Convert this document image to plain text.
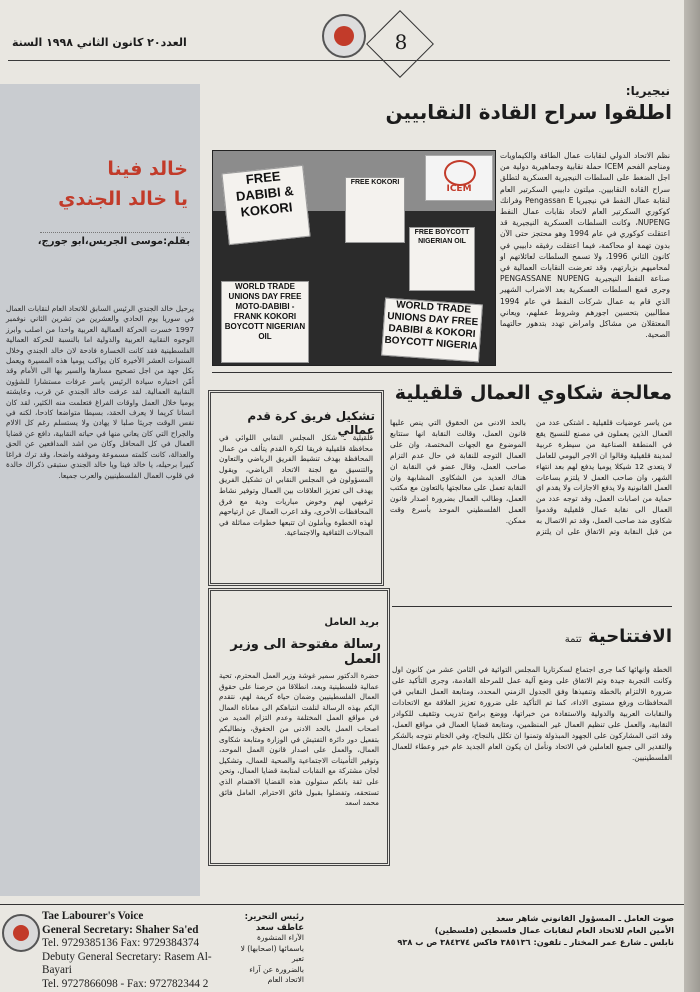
العدد٢٠ كانون الثاني ١٩٩٨ السنة	8
خالد فينا
يا خالد الجندي
بقلم:موسى الجريس،ابو جورج،
يرحيل خالد الجندي الرئيس السابق للاتحاد العام لنقابات العمال في سوريا يوم الحادي والعشرين من تشرين الثاني نوفمبر 1997 خسرت الحركة العمالية العربية واحدا من اصلب وابرز الوجوه النقابية العربية والدولية اما بالنسبة للحركة العمالية الفلسطينية فقد كانت الخسارة فادحة لان خالد الجندي وخلال السنوات العشر الأخيرة كان يواكب يوميا هذه المسيرة ويعمل بكل جهد من اجل تصحيح مسارها والسير بها الى الأمام وقد أمّن اختياره سيادة الرئيس ياسر عرفات مستشارا للشؤون النقابية العمالية. لقد عرفت خالد الجندي عن قرب، وعايشته يوميا خلال العمل واوقات الفراغ فتعلمت منه الكثير، لقد كان انسانا كريما لا يعرف الحقد، بسيطا متواضعا كادحا، لكنه في نفس الوقت جريئا صلبا لا يهادن ولا يستسلم رغم كل الالام والجراح التي كان يعاني منها في حياته النقابية، دافع عن قضايا العمال في كل المحافل وكان من اشد المدافعين عن الحق والعدالة، كانت كلمته مسموعة وموقفه واضحا، وقد ترك فراغا كبيرا برحيله، يا خالد فينا ويا خالد الجندي ستبقى ذكراك خالدة في قلوب العمال الفلسطينيين والعرب جميعا.
نيجيريا:
اطلقوا سراح القادة النقابيين
ICEM
FREE DABIBI & KOKORI
FREE KOKORI
FREE BOYCOTT NIGERIAN OIL
WORLD TRADE UNIONS DAY FREE MOTO-DABIBI - FRANK KOKORI BOYCOTT NIGERIAN OIL
WORLD TRADE UNIONS DAY FREE DABIBI & KOKORI BOYCOTT NIGERIA
نظم الاتحاد الدولي لنقابات عمال الطاقة والكيماويات ومناجم الفحم ICEM حملة نقابية وجماهيرية دولية من اجل الضغط على السلطات النيجيرية العسكرية لتطلق سراح القادة النقابيين. ميلتون دابيبي السكرتير العام لنقابة عمال النفط في نيجيريا Pengassan E وفرانك كوكوري السكرتير العام لاتحاد نقابات عمال النفط NUPENG، وكانت السلطات العسكرية النيجيرية قد اعتقلت كوكوري في عام 1994 وهو محتجز حتى الآن بدون تهمة او محاكمة، فيما اعتقلت رفيقه دابيبي في كانون الثاني 1996، ولا تسمح السلطات لعائلاتهم او لمحاميهم بزيارتهم، وقد تعرضت النقابات العمالية في صناعة النفط النيجيرية PENGASSANE NUPENG وجرى قمع السلطات العسكرية بعد الاضراب الشهير الذي قام به عمال شركات النفط في عام 1994 مطالبين بتحسين اجورهم وشروط عملهم، ويعاني المعتقلان من مشاكل وامراض تهدد بتدهور حالتهما الصحية.
معالجة شكاوي العمال قلقيلية
من ياسر عوضيات قلقيلية ـ اشتكى عدد من العمال الذين يعملون في مصنع للنسيج يقع في المنطقة الصناعية من سيطرة عربية لمدينة قلقيلية وقالوا ان الاجر اليومي للعامل لا يتعدى 12 شيكلا يوميا يدفع لهم بعد انتهاء الشهر، وان صاحب العمل لا يلتزم بساعات العمل القانونية ولا يدفع الاجازات ولا يقدم اي حماية من اصابات العمل، وقد توجه عدد من العمال الى نقابة عمال قلقيلية وقدموا شكاوى ضد صاحب العمل، وقد تم الاتصال به من قبل النقابة وتم الاتفاق على ان يلتزم بالحد الادنى من الحقوق التي ينص عليها قانون العمل، وقالت النقابة انها ستتابع الموضوع مع الجهات المختصة، وان على العمال التوجه للنقابة في حال عدم التزام صاحب العمل، وقال عضو في النقابة ان هناك العديد من الشكاوى المشابهة وان النقابة تعمل على معالجتها بالتعاون مع مكتب العمل، وطالب العمال بضرورة اصدار قانون العمل الفلسطيني الموحد بأسرع وقت ممكن.
تشكيل فريق كرة قدم عمالي
قلقيلية ـ شكل المجلس النقابي اللوائي في محافظة قلقيلية فريقا لكرة القدم يتألف من عمال المحافظة بهدف تنشيط الفريق الرياضي والتعاون والتنسيق مع لجنة الاتحاد الرياضي، ويقول المسؤولون في المجلس النقابي ان تشكيل الفريق يهدف الى تعزيز العلاقات بين العمال وتوفير نشاط ترفيهي لهم وخوض مباريات ودية مع فرق المحافظات الأخرى، وقد اعرب العمال عن ارتياحهم لهذه الخطوة ويأملون ان تتبعها خطوات مماثلة في المجالات الثقافية والاجتماعية.
بريد العامل
رسالة مفتوحة الى وزير العمل
حضرة الدكتور سمير غوشة وزير العمل المحترم، تحية عمالية فلسطينية وبعد، انطلاقا من حرصنا على حقوق العمال الفلسطينيين وضمان حياة كريمة لهم، نتقدم اليكم بهذه الرسالة لنلفت انتباهكم الى معاناة العمال في مواقع العمل المختلفة وعدم التزام العديد من اصحاب العمل بالحد الادنى من الحقوق، ونطالبكم بتفعيل دور دائرة التفتيش في الوزارة ومتابعة شكاوى العمال، والعمل على اصدار قانون العمل الموحد، وتوفير التأمينات الاجتماعية والصحية للعمال، وتشكيل لجان مشتركة مع النقابات لمتابعة قضايا العمال، ونحن على ثقة بانكم ستولون هذه القضايا الاهتمام الذي تستحقه، وتفضلوا بقبول فائق الاحترام. العامل فائق محمد اسعد
الافتتاحية تتمة
الخطة وانهائها كما جرى اجتماع لسكرتاريا المجلس التوائية في الثامن عشر من كانون اول وكانت التجربة جيدة وتم الاتفاق على وضع آلية عمل للمرحلة القادمة، وجرى التأكيد على ضرورة الالتزام بالخطة وتنفيذها وفق الجدول الزمني المحدد، ومتابعة العمل النقابي في المحافظات ورفع مستوى الاداء، كما تم التأكيد على ضرورة تعزيز العلاقة مع الاتحادات والنقابات العربية والدولية والاستفادة من خبراتها، ووضع برامج تدريب وتثقيف للكوادر النقابية، والعمل على تنظيم العمال غير المنظمين، ومتابعة قضايا العمال في مواقع العمل، وقد اثنى المشاركون على الجهود المبذولة وتمنوا ان تكلل بالنجاح، وفي الختام نتوجه بالشكر والتقدير الى جميع العاملين في الاتحاد ونأمل ان يكون العام الجديد عام خير وعطاء للعمال الفلسطينيين.
Tae Labourer's Voice
General Secretary: Shaher Sa'ed
Tel. 9729385136 Fax: 9729384374
Debuty General Secretary: Rasem Al-Bayari
Tel. 9727866098 - Fax: 972782344 2
رئيس التحرير:
عاطف سعد
الآراء المنشورة
باسمائها (اصحابها) لا تعبر
بالضرورة عن آراء الاتحاد العام
صوت العامل ـ المسؤول القانوني شاهر سعد
الأمين العام للاتحاد العام لنقابات عمال فلسطين (فلسطين)
نابلس ـ شارع عمر المختار ـ تلفون: ٣٨٥١٣٦ فاكس ٣٨٤٣٧٤ ص ب ٩٣٨
